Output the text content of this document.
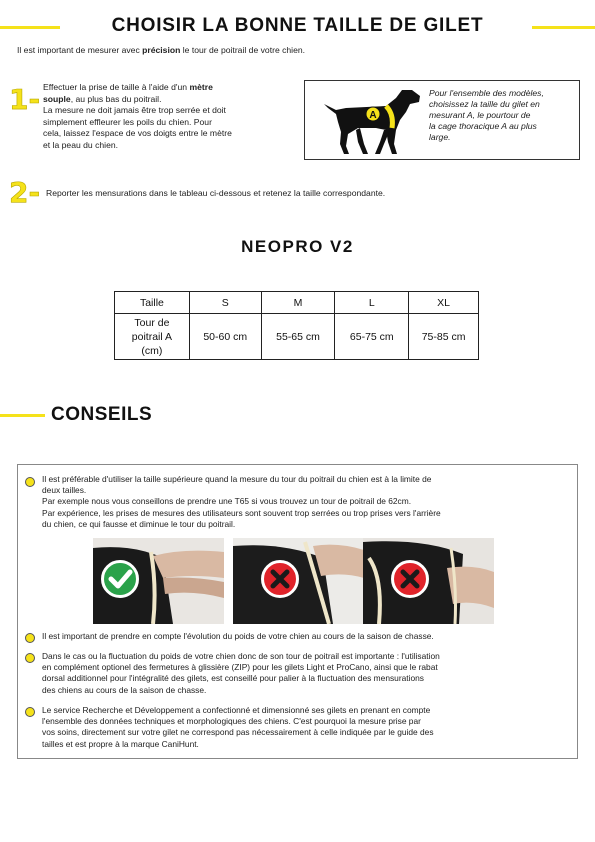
CHOISIR LA BONNE TAILLE DE GILET
Il est important de mesurer avec précision le tour de poitrail de votre chien.
1- Effectuer la prise de taille à l'aide d'un mètre
souple, au plus bas du poitrail.
La mesure ne doit jamais être trop serrée et doit
simplement effleurer les poils du chien. Pour
cela, laissez l'espace de vos doigts entre le mètre
et la peau du chien.
A
Pour l'ensemble des modèles,
choisissez la taille du gilet en
mesurant A, le pourtour de
la cage thoracique A au plus
large.
2- Reporter les mensurations dans le tableau ci-dessous et retenez la taille correspondante.
NEOPRO V2
Taille	S	M	L	XL

Tour de
poitrail A
(cm)	50-60 cm	55-65 cm	65-75 cm	75-85 cm
CONSEILS

Il est préférable d'utiliser la taille supérieure quand la mesure du tour du poitrail du chien est à la limite de

deux tailles.

Par exemple nous vous conseillons de prendre une T65 si vous trouvez un tour de poitrail de 62cm.

Par expérience, les prises de mesures des utilisateurs sont souvent trop serrées ou trop prises vers l'arrière

du chien, ce qui fausse et diminue le tour du poitrail.

Il est important de prendre en compte l'évolution du poids de votre chien au cours de la saison de chasse.

Dans le cas ou la fluctuation du poids de votre chien donc de son tour de poitrail est importante : l'utilisation

en complément optionel des fermetures à glissière (ZIP) pour les gilets Light et ProCano, ainsi que le rabat

dorsal additionnel pour l'intégralité des gilets, est conseillé pour palier à la fluctuation des mensurations

des chiens au cours de la saison de chasse.

Le service Recherche et Développement a confectionné et dimensionné ses gilets en prenant en compte

l'ensemble des données techniques et morphologiques des chiens. C'est pourquoi la mesure prise par

vos soins, directement sur votre gilet ne correspond pas nécessairement à celle indiquée par le guide des

tailles et est propre à la marque CaniHunt.
